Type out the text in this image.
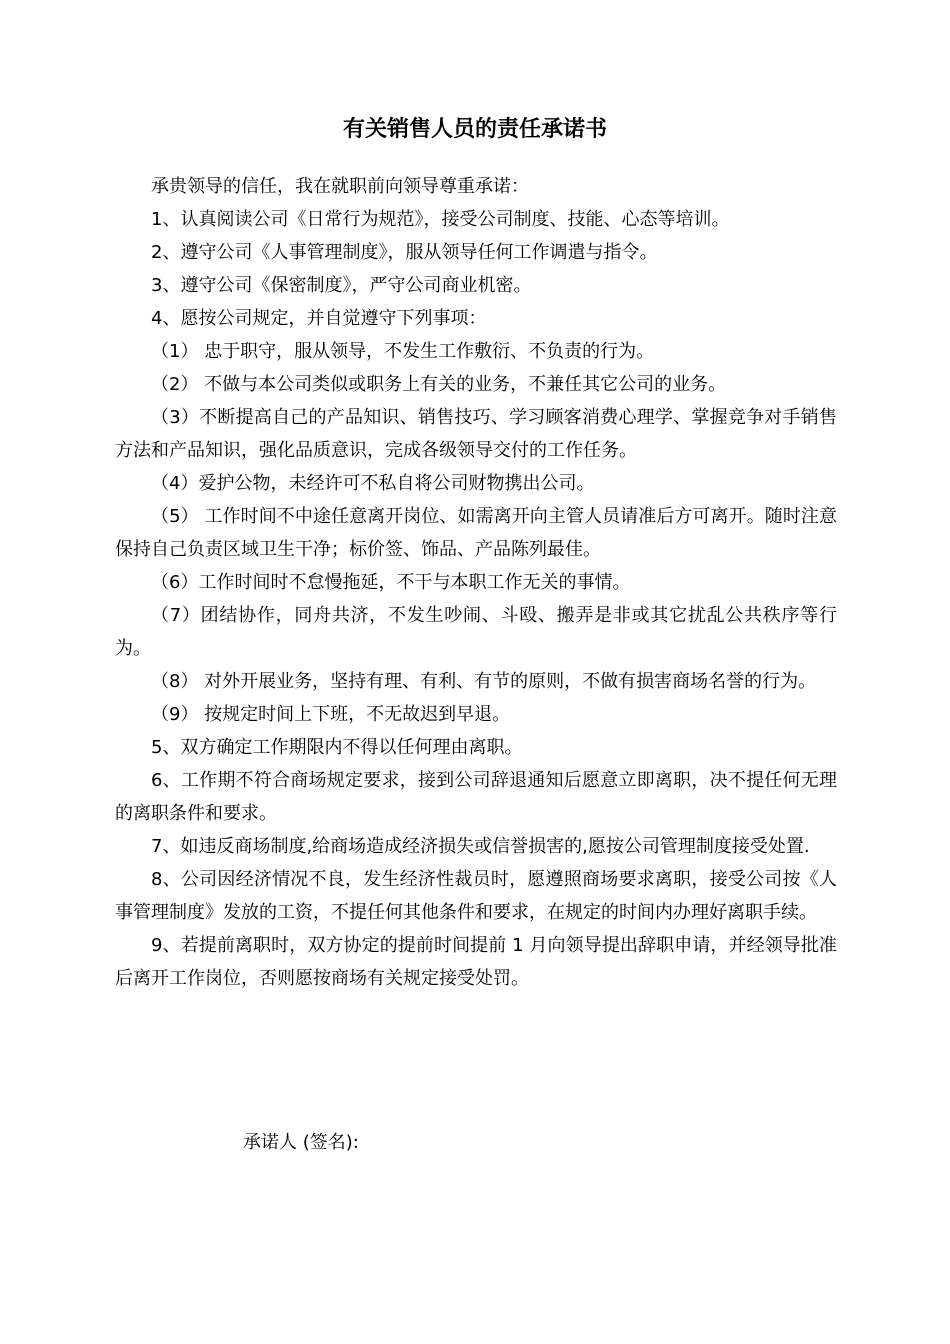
有关销售人员的责任承诺书

承贵领导的信任，我在就职前向领导尊重承诺：

1、认真阅读公司《日常行为规范》，接受公司制度、技能、心态等培训。

2、遵守公司《人事管理制度》，服从领导任何工作调遣与指令。

3、遵守公司《保密制度》，严守公司商业机密。

4、愿按公司规定，并自觉遵守下列事项：

（1） 忠于职守，服从领导，不发生工作敷衍、不负责的行为。

（2） 不做与本公司类似或职务上有关的业务，不兼任其它公司的业务。

（3）不断提高自己的产品知识、销售技巧、学习顾客消费心理学、掌握竞争对手销售方法和产品知识，强化品质意识，完成各级领导交付的工作任务。

（4）爱护公物，未经许可不私自将公司财物携出公司。

（5） 工作时间不中途任意离开岗位、如需离开向主管人员请准后方可离开。随时注意保持自己负责区域卫生干净；标价签、饰品、产品陈列最佳。

（6）工作时间时不怠慢拖延，不干与本职工作无关的事情。

（7）团结协作，同舟共济，不发生吵闹、斗殴、搬弄是非或其它扰乱公共秩序等行为。

（8） 对外开展业务，坚持有理、有利、有节的原则，不做有损害商场名誉的行为。

（9） 按规定时间上下班，不无故迟到早退。

5、双方确定工作期限内不得以任何理由离职。

6、工作期不符合商场规定要求，接到公司辞退通知后愿意立即离职，决不提任何无理的离职条件和要求。

7、如违反商场制度,给商场造成经济损失或信誉损害的,愿按公司管理制度接受处置.

8、公司因经济情况不良，发生经济性裁员时，愿遵照商场要求离职，接受公司按《人事管理制度》发放的工资，不提任何其他条件和要求，在规定的时间内办理好离职手续。

9、若提前离职时，双方协定的提前时间提前 1 月向领导提出辞职申请，并经领导批准后离开工作岗位，否则愿按商场有关规定接受处罚。

承诺人 (签名):
